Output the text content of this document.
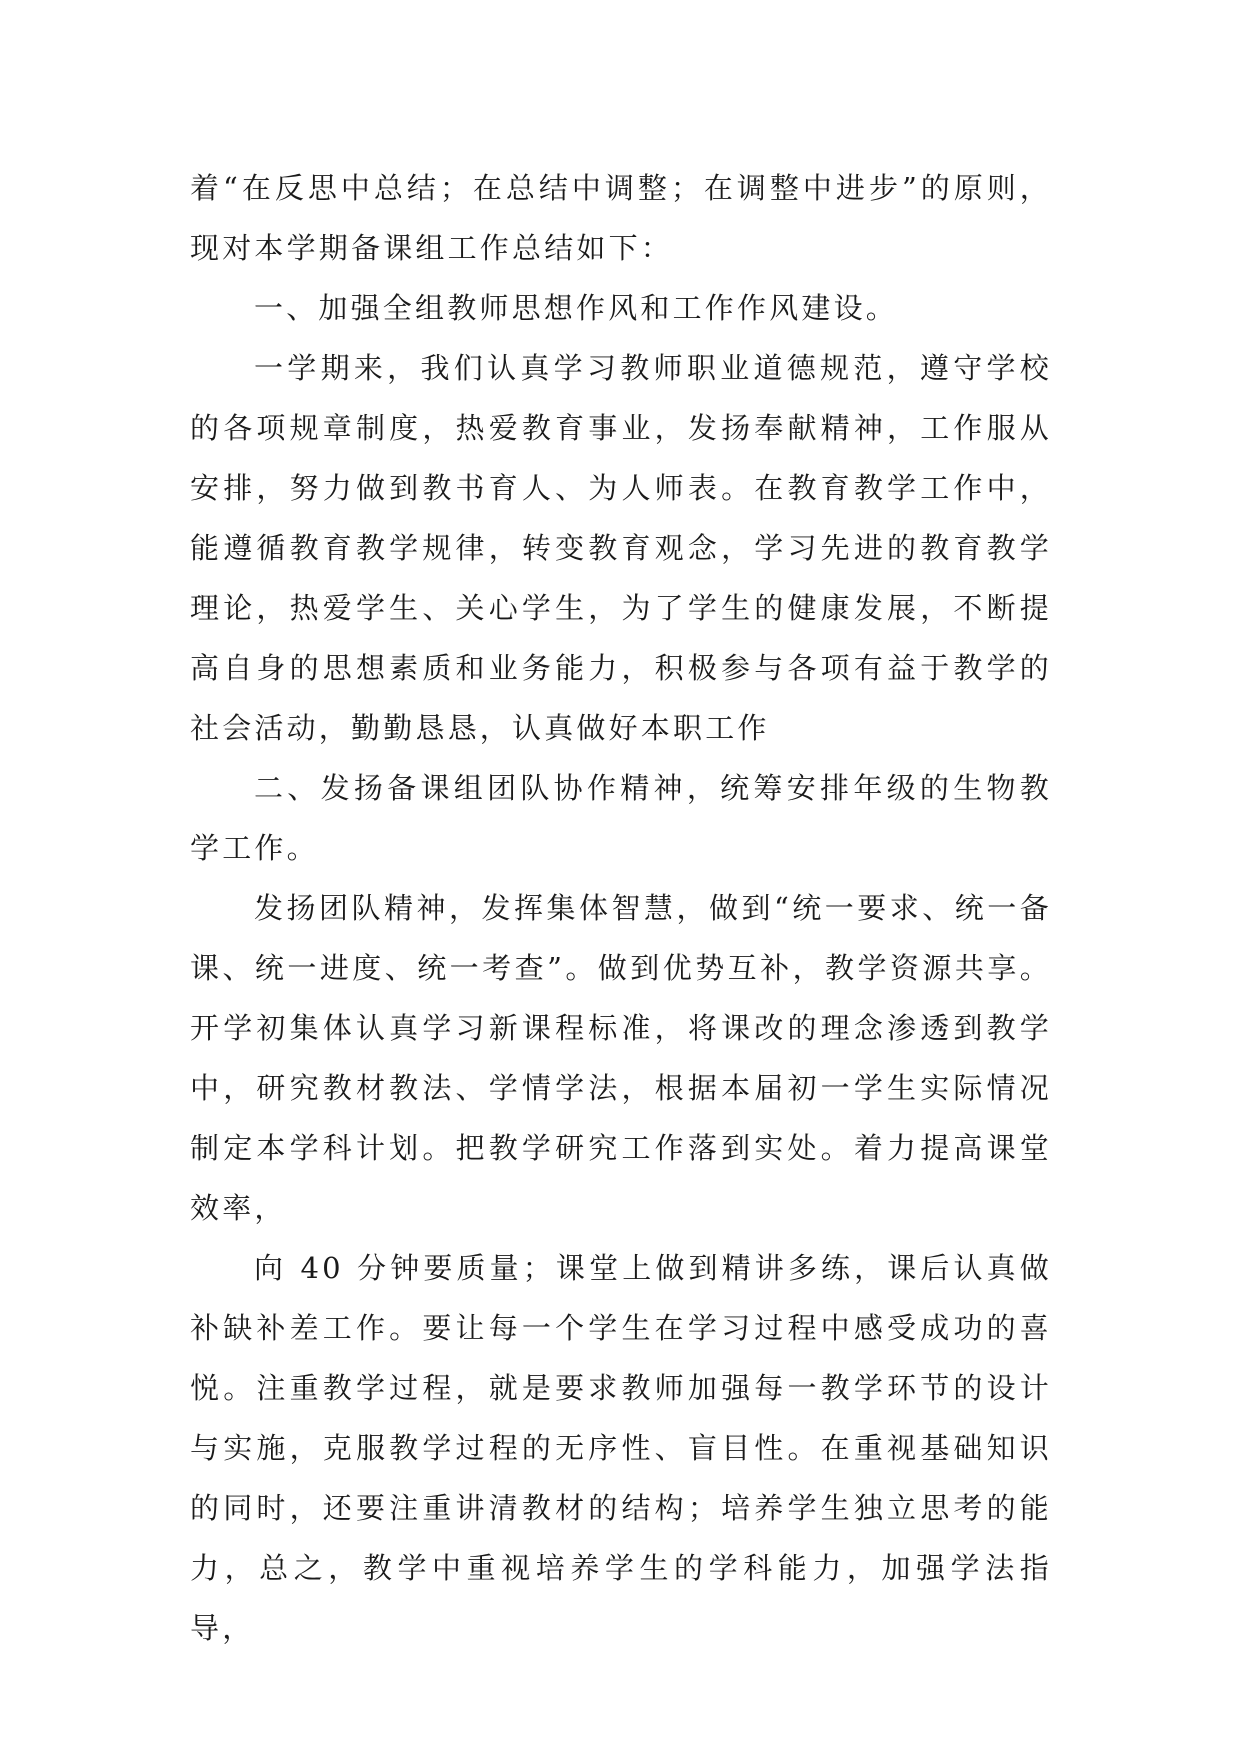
着“在反思中总结；在总结中调整；在调整中进步”的原则，现对本学期备课组工作总结如下：

一、加强全组教师思想作风和工作作风建设。

一学期来，我们认真学习教师职业道德规范，遵守学校的各项规章制度，热爱教育事业，发扬奉献精神，工作服从安排，努力做到教书育人、为人师表。在教育教学工作中，能遵循教育教学规律，转变教育观念，学习先进的教育教学理论，热爱学生、关心学生，为了学生的健康发展，不断提高自身的思想素质和业务能力，积极参与各项有益于教学的社会活动，勤勤恳恳，认真做好本职工作

二、发扬备课组团队协作精神，统筹安排年级的生物教学工作。

发扬团队精神，发挥集体智慧，做到“统一要求、统一备课、统一进度、统一考查”。做到优势互补，教学资源共享。开学初集体认真学习新课程标准，将课改的理念渗透到教学中，研究教材教法、学情学法，根据本届初一学生实际情况制定本学科计划。把教学研究工作落到实处。着力提高课堂效率，

向 40 分钟要质量；课堂上做到精讲多练，课后认真做补缺补差工作。要让每一个学生在学习过程中感受成功的喜悦。注重教学过程，就是要求教师加强每一教学环节的设计与实施，克服教学过程的无序性、盲目性。在重视基础知识的同时，还要注重讲清教材的结构；培养学生独立思考的能力，总之，教学中重视培养学生的学科能力，加强学法指导，
